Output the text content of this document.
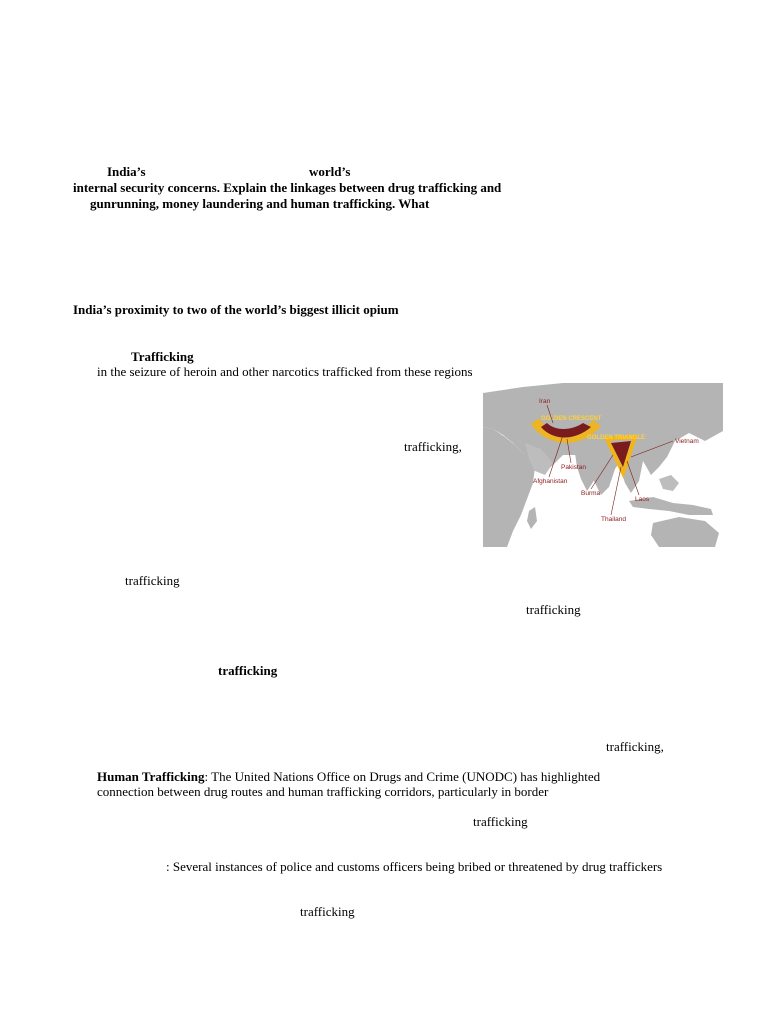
India’s	world’s
internal security concerns. Explain the linkages between drug trafficking and
gunrunning, money laundering and human trafficking. What
India’s proximity to two of the world’s biggest illicit opium
Trafficking
in the seizure of heroin and other narcotics trafficked from these regions
GOLDEN CRESCENT
Iran
GOLDEN TRIANGLE	Vietnam
Pakistan
Afghanistan
Burma
Laos
Thailand
trafficking,
trafficking
trafficking
trafficking
trafficking,
Human Trafficking: The United Nations Office on Drugs and Crime (UNODC) has highlighted
connection between drug routes and human trafficking corridors, particularly in border
trafficking
: Several instances of police and customs officers being bribed or threatened by drug traffickers
trafficking
